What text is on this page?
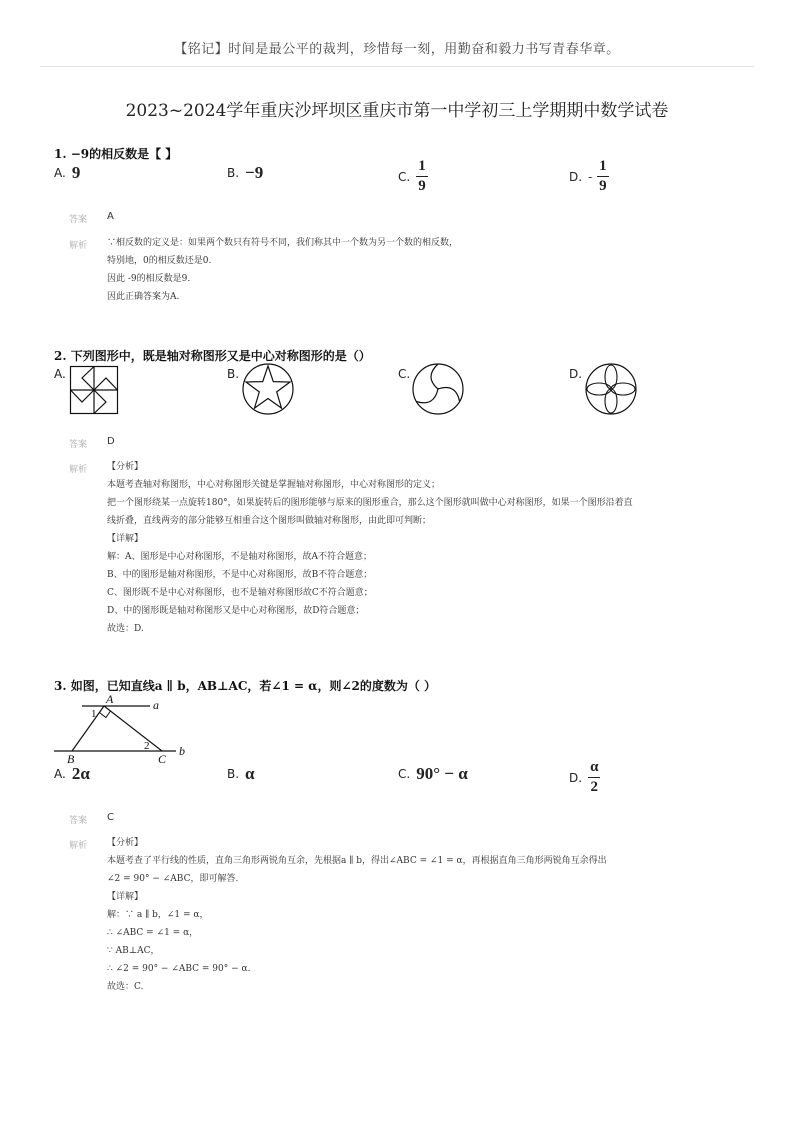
【铭记】时间是最公平的裁判，珍惜每一刻，用勤奋和毅力书写青春华章。
2023~2024学年重庆沙坪坝区重庆市第一中学初三上学期期中数学试卷
1. −9的相反数是【 】
A. 9	B. −9	C. $\frac{1}{9}$	D. - $\frac{1}{9}$
答案 A
解析 ∵相反数的定义是：如果两个数只有符号不同，我们称其中一个数为另一个数的相反数，
特别地，0的相反数还是0.
因此 -9的相反数是9.
因此正确答案为A.
2. 下列图形中，既是轴对称图形又是中心对称图形的是（）
A.	B.	C.	D.
答案 D
解析 【分析】
本题考查轴对称图形，中心对称图形关键是掌握轴对称图形，中心对称图形的定义；
把一个图形绕某一点旋转180°，如果旋转后的图形能够与原来的图形重合，那么这个图形就叫做中心对称图形，如果一个图形沿着直
线折叠，直线两旁的部分能够互相重合这个图形叫做轴对称图形，由此即可判断；
【详解】
解：A、图形是中心对称图形，不是轴对称图形，故A不符合题意；
B、中的图形是轴对称图形，不是中心对称图形，故B不符合题意；
C、图形既不是中心对称图形，也不是轴对称图形故C不符合题意；
D、中的图形既是轴对称图形又是中心对称图形，故D符合题意；
故选：D.
3. 如图，已知直线a ∥ b，AB⊥AC，若∠1 = α，则∠2的度数为（ ）
A
B	C
a
b
1
2
A. 2α	B. α	C. 90° − α	D. $\frac{\alpha}{2}$
答案 C
解析 【分析】
本题考查了平行线的性质，直角三角形两锐角互余，先根据a ∥ b，得出∠ABC = ∠1 = α，再根据直角三角形两锐角互余得出
∠2 = 90° − ∠ABC，即可解答.
【详解】
解：∵ a ∥ b，∠1 = α，
∴ ∠ABC = ∠1 = α，
∵ AB⊥AC，
∴ ∠2 = 90° − ∠ABC = 90° − α.
故选：C.
